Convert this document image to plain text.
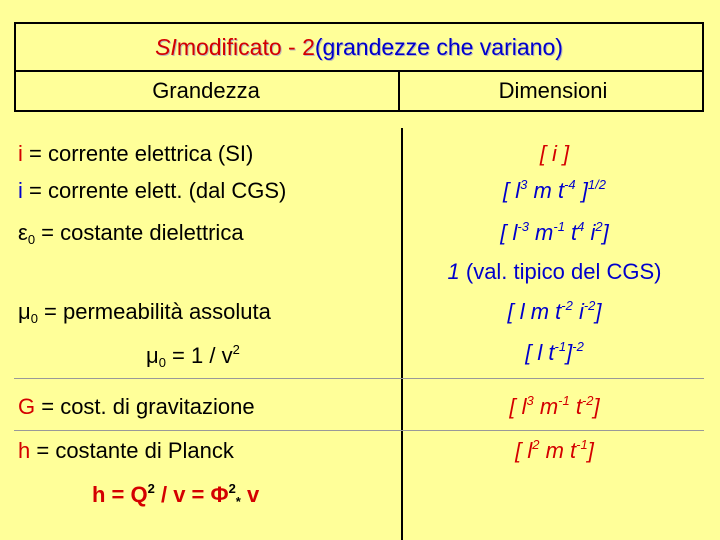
SI modificato - 2 (grandezze che variano)
Grandezza	Dimensioni
i = corrente elettrica (SI)
i = corrente elett. (dal CGS)
$\varepsilon_0$ = costante dielettrica
$\mu_0$ = permeabilità assoluta
$\mu_0 = 1 / v^2$
G = cost. di gravitazione
h = costante di Planck
$h = Q^2 / v = \Phi^2_*$ v
[ i ]
[ $l^3$ m $t^{-4}$ ]$^{1/2}$
[ $l^{-3}$ $m^{-1}$ $t^4$ $i^2$]
1 (val. tipico del CGS)
[ l m $t^{-2}$ $i^{-2}$]
[ l $t^{-1}]^{-2}$
[ $l^3$ $m^{-1}$ $t^{-2}$]
[ $l^2$ m $t^{-1}$]
